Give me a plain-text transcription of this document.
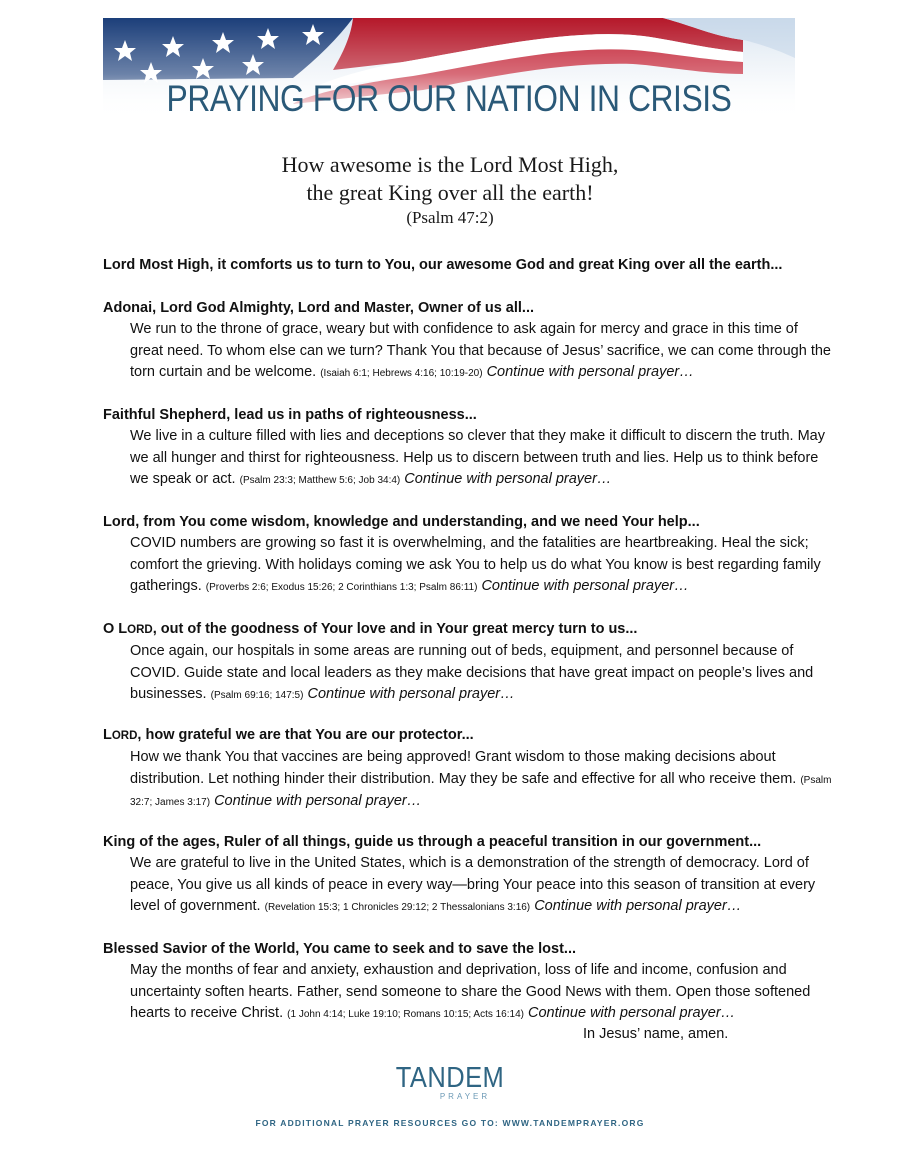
PRAYING FOR OUR NATION IN CRISIS
How awesome is the Lord Most High,
the great King over all the earth!
(Psalm 47:2)
Lord Most High, it comforts us to turn to You, our awesome God and great King over all the earth...
Adonai, Lord God Almighty, Lord and Master, Owner of us all...
We run to the throne of grace, weary but with confidence to ask again for mercy and grace in this time of great need. To whom else can we turn? Thank You that because of Jesus’ sacrifice, we can come through the torn curtain and be welcome. (Isaiah 6:1; Hebrews 4:16; 10:19-20) Continue with personal prayer…
Faithful Shepherd, lead us in paths of righteousness...
We live in a culture filled with lies and deceptions so clever that they make it difficult to discern the truth. May we all hunger and thirst for righteousness. Help us to discern between truth and lies. Help us to think before we speak or act. (Psalm 23:3; Matthew 5:6; Job 34:4) Continue with personal prayer…
Lord, from You come wisdom, knowledge and understanding, and we need Your help...
COVID numbers are growing so fast it is overwhelming, and the fatalities are heartbreaking. Heal the sick; comfort the grieving. With holidays coming we ask You to help us do what You know is best regarding family gatherings. (Proverbs 2:6; Exodus 15:26; 2 Corinthians 1:3; Psalm 86:11) Continue with personal prayer…
O LORD, out of the goodness of Your love and in Your great mercy turn to us...
Once again, our hospitals in some areas are running out of beds, equipment, and personnel because of COVID. Guide state and local leaders as they make decisions that have great impact on people’s lives and businesses. (Psalm 69:16; 147:5) Continue with personal prayer…
LORD, how grateful we are that You are our protector...
How we thank You that vaccines are being approved! Grant wisdom to those making decisions about distribution. Let nothing hinder their distribution. May they be safe and effective for all who receive them. (Psalm 32:7; James 3:17) Continue with personal prayer…
King of the ages, Ruler of all things, guide us through a peaceful transition in our government...
We are grateful to live in the United States, which is a demonstration of the strength of democracy. Lord of peace, You give us all kinds of peace in every way—bring Your peace into this season of transition at every level of government. (Revelation 15:3; 1 Chronicles 29:12; 2 Thessalonians 3:16) Continue with personal prayer…
Blessed Savior of the World, You came to seek and to save the lost...
May the months of fear and anxiety, exhaustion and deprivation, loss of life and income, confusion and uncertainty soften hearts. Father, send someone to share the Good News with them. Open those softened hearts to receive Christ. (1 John 4:14; Luke 19:10; Romans 10:15; Acts 16:14) Continue with personal prayer…
In Jesus’ name, amen.
TANDEM
PRAYER
FOR ADDITIONAL PRAYER RESOURCES GO TO: WWW.TANDEMPRAYER.ORG
